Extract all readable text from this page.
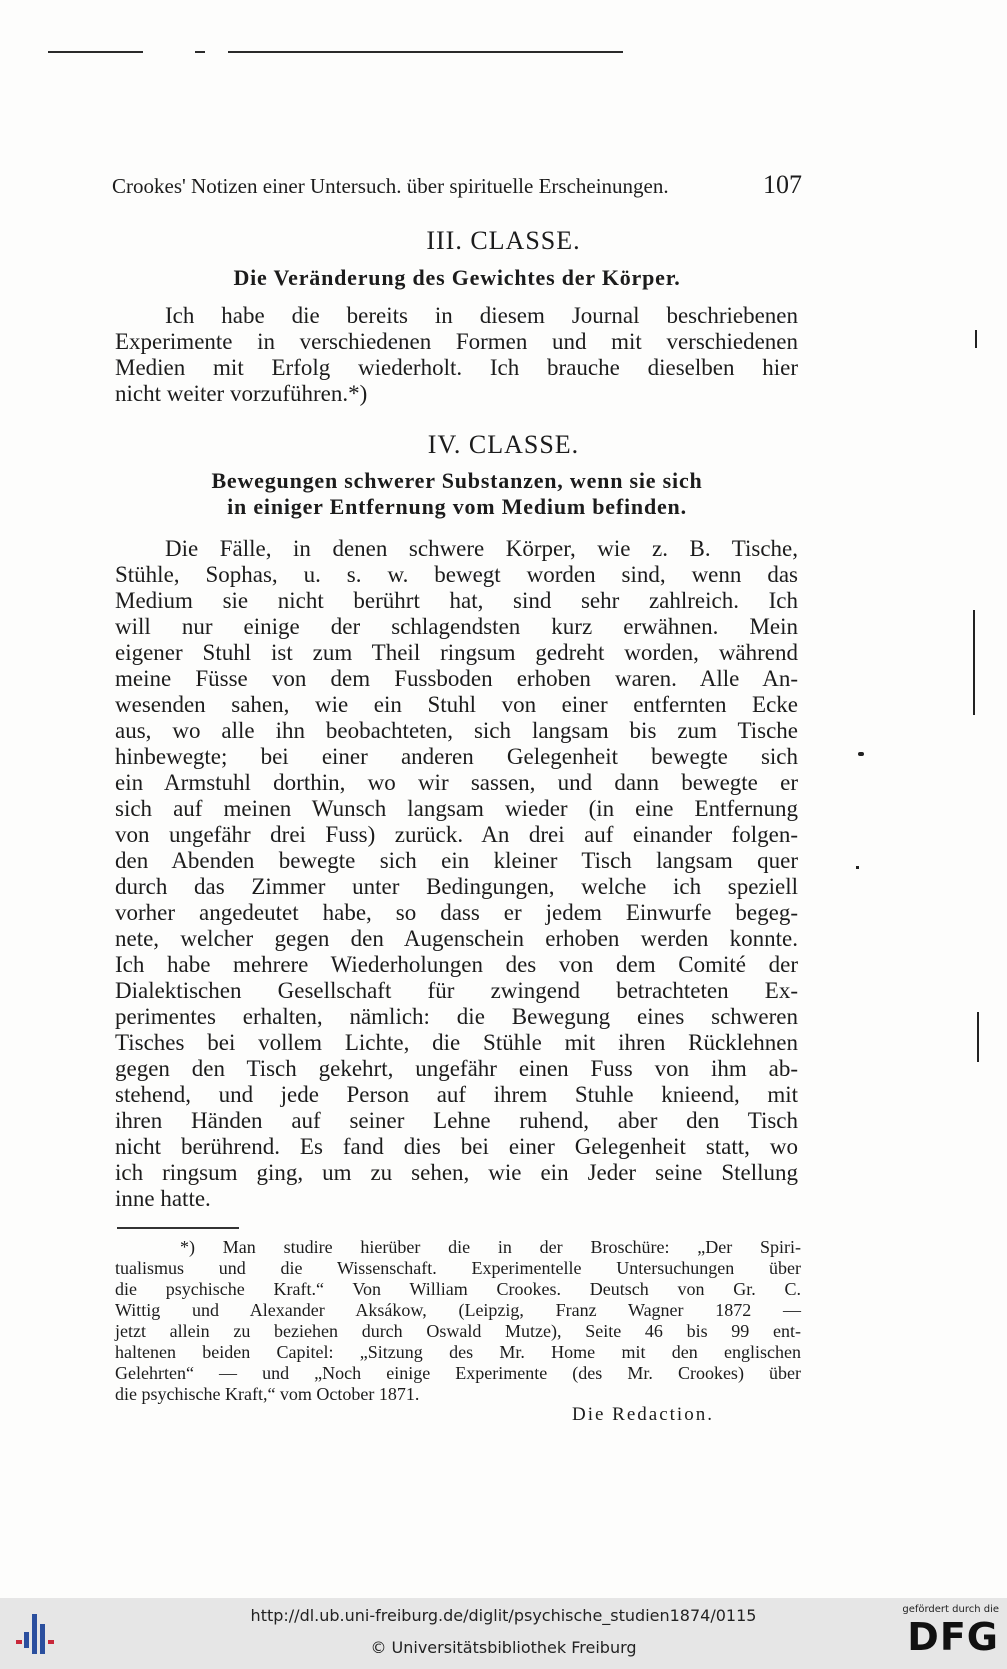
Crookes' Notizen einer Untersuch. über spirituelle Erscheinungen.	107
III. CLASSE.
Die Veränderung des Gewichtes der Körper.
Ich habe die bereits in diesem Journal beschriebenen
Experimente in verschiedenen Formen und mit verschiedenen
Medien mit Erfolg wiederholt. Ich brauche dieselben hier
nicht weiter vorzuführen.*)
IV. CLASSE.
Bewegungen schwerer Substanzen, wenn sie sich
in einiger Entfernung vom Medium befinden.
Die Fälle, in denen schwere Körper, wie z. B. Tische,
Stühle, Sophas, u. s. w. bewegt worden sind, wenn das
Medium sie nicht berührt hat, sind sehr zahlreich. Ich
will nur einige der schlagendsten kurz erwähnen. Mein
eigener Stuhl ist zum Theil ringsum gedreht worden, während
meine Füsse von dem Fussboden erhoben waren. Alle An-
wesenden sahen, wie ein Stuhl von einer entfernten Ecke
aus, wo alle ihn beobachteten, sich langsam bis zum Tische
hinbewegte; bei einer anderen Gelegenheit bewegte sich
ein Armstuhl dorthin, wo wir sassen, und dann bewegte er
sich auf meinen Wunsch langsam wieder (in eine Entfernung
von ungefähr drei Fuss) zurück. An drei auf einander folgen-
den Abenden bewegte sich ein kleiner Tisch langsam quer
durch das Zimmer unter Bedingungen, welche ich speziell
vorher angedeutet habe, so dass er jedem Einwurfe begeg-
nete, welcher gegen den Augenschein erhoben werden konnte.
Ich habe mehrere Wiederholungen des von dem Comité der
Dialektischen Gesellschaft für zwingend betrachteten Ex-
perimentes erhalten, nämlich: die Bewegung eines schweren
Tisches bei vollem Lichte, die Stühle mit ihren Rücklehnen
gegen den Tisch gekehrt, ungefähr einen Fuss von ihm ab-
stehend, und jede Person auf ihrem Stuhle knieend, mit
ihren Händen auf seiner Lehne ruhend, aber den Tisch
nicht berührend. Es fand dies bei einer Gelegenheit statt, wo
ich ringsum ging, um zu sehen, wie ein Jeder seine Stellung
inne hatte.
*) Man studire hierüber die in der Broschüre: „Der Spiri-
tualismus und die Wissenschaft. Experimentelle Untersuchungen über
die psychische Kraft.“ Von William Crookes. Deutsch von Gr. C.
Wittig und Alexander Aksákow, (Leipzig, Franz Wagner 1872 —
jetzt allein zu beziehen durch Oswald Mutze), Seite 46 bis 99 ent-
haltenen beiden Capitel: „Sitzung des Mr. Home mit den englischen
Gelehrten“ — und „Noch einige Experimente (des Mr. Crookes) über
die psychische Kraft,“ vom October 1871.
Die Redaction.
http://dl.ub.uni-freiburg.de/diglit/psychische_studien1874/0115
© Universitätsbibliothek Freiburg
gefördert durch die
DFG
